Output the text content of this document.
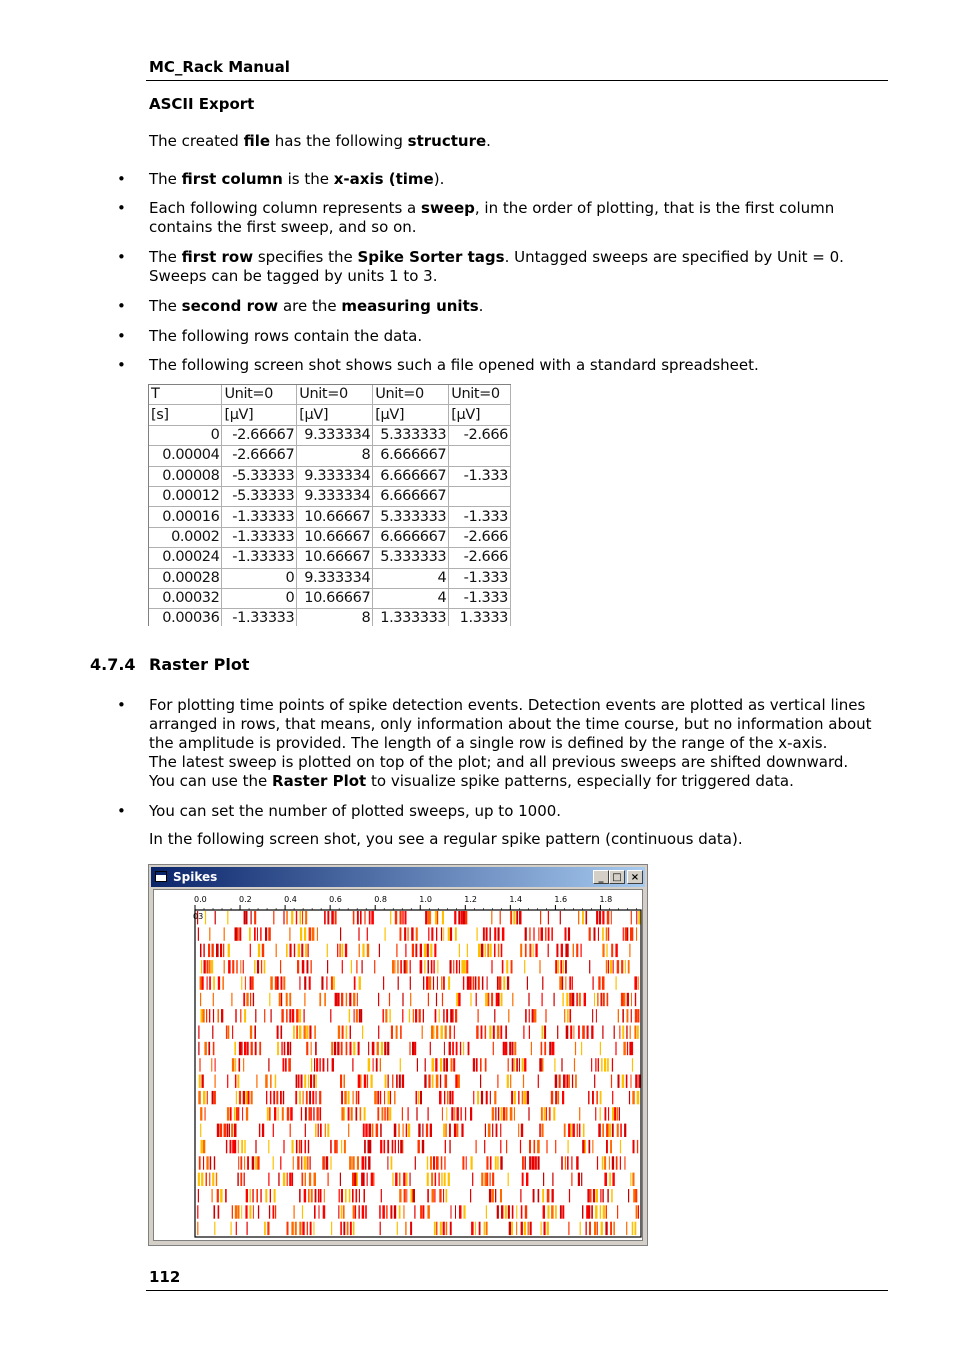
MC_Rack Manual
ASCII Export

The created file has the following structure.

• The first column is the x-axis (time).

• Each following column represents a sweep, in the order of plotting, that is the first column contains the first sweep, and so on.

• The first row specifies the Spike Sorter tags. Untagged sweeps are specified by Unit = 0. Sweeps can be tagged by units 1 to 3.

• The second row are the measuring units.

• The following rows contain the data.

• The following screen shot shows such a file opened with a standard spreadsheet.

T	Unit=0	Unit=0	Unit=0	Unit=0
[s]	[µV]	[µV]	[µV]	[µV]
0	-2.66667	9.333334	5.333333	-2.666
0.00004	-2.66667	8	6.666667	
0.00008	-5.33333	9.333334	6.666667	-1.333
0.00012	-5.33333	9.333334	6.666667	
0.00016	-1.33333	10.66667	5.333333	-1.333
0.0002	-1.33333	10.66667	6.666667	-2.666
0.00024	-1.33333	10.66667	5.333333	-2.666
0.00028	0	9.333334	4	-1.333
0.00032	0	10.66667	4	-1.333
0.00036	-1.33333	8	1.333333	1.3333
4.7.4 Raster Plot
• For plotting time points of spike detection events. Detection events are plotted as vertical lines arranged in rows, that means, only information about the time course, but no information about the amplitude is provided. The length of a single row is defined by the range of the x-axis.
The latest sweep is plotted on top of the plot; and all previous sweeps are shifted downward.
You can use the Raster Plot to visualize spike patterns, especially for triggered data.

• You can set the number of plotted sweeps, up to 1000.

In the following screen shot, you see a regular spike pattern (continuous data).

Spikes	_ □ ×
0.0	0.2	0.4	0.6	0.8	1.0	1.2	1.4	1.6	1.8
03
112
